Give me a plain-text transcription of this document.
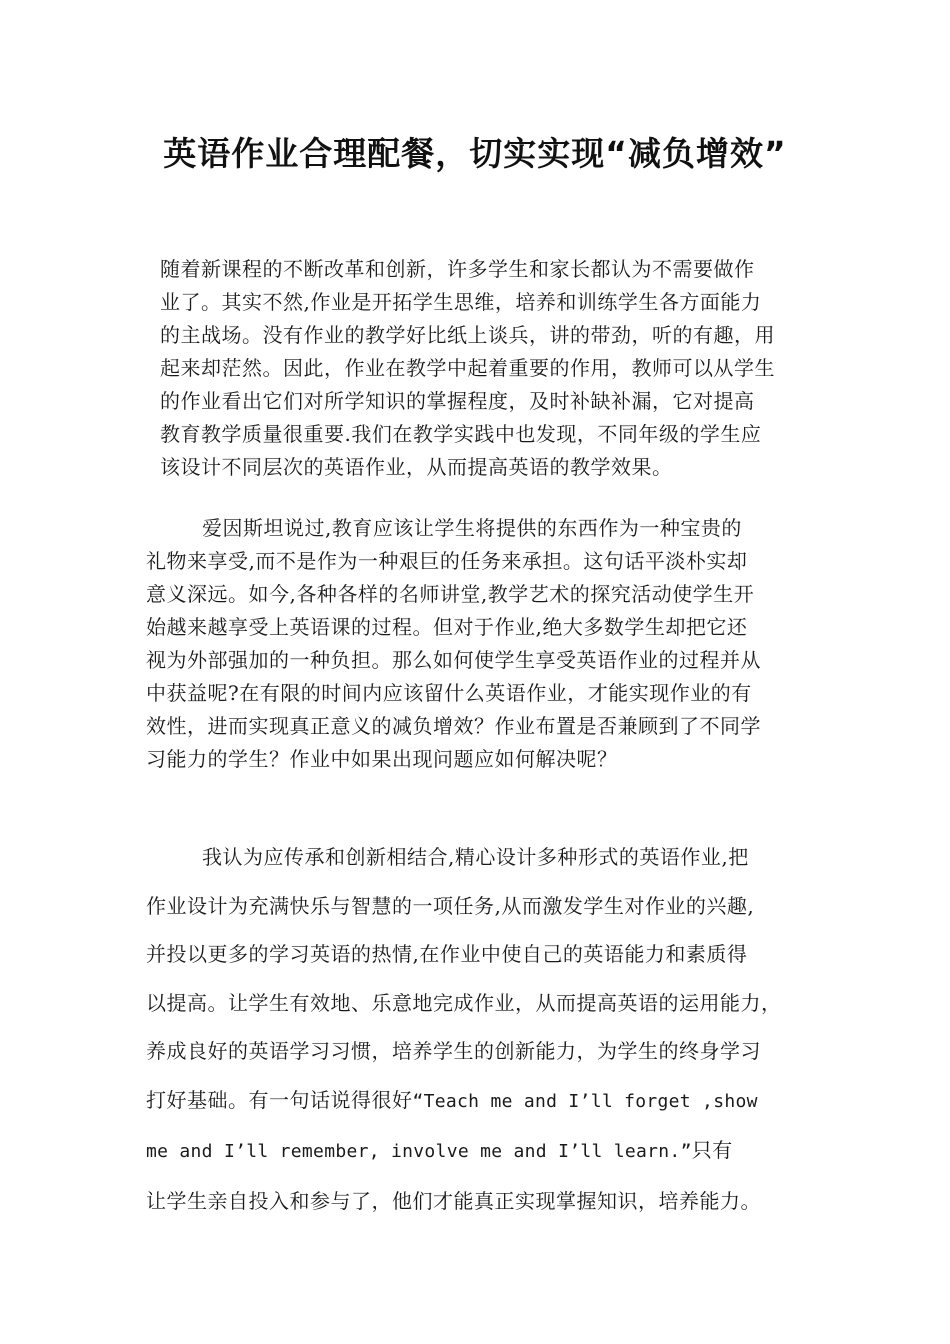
英语作业合理配餐，切实实现“减负增效”
随着新课程的不断改革和创新，许多学生和家长都认为不需要做作
业了。其实不然,作业是开拓学生思维，培养和训练学生各方面能力
的主战场。没有作业的教学好比纸上谈兵，讲的带劲，听的有趣，用
起来却茫然。因此，作业在教学中起着重要的作用，教师可以从学生
的作业看出它们对所学知识的掌握程度，及时补缺补漏，它对提高
教育教学质量很重要.我们在教学实践中也发现，不同年级的学生应
该设计不同层次的英语作业，从而提高英语的教学效果。
爱因斯坦说过,教育应该让学生将提供的东西作为一种宝贵的
礼物来享受,而不是作为一种艰巨的任务来承担。这句话平淡朴实却
意义深远。如今,各种各样的名师讲堂,教学艺术的探究活动使学生开
始越来越享受上英语课的过程。但对于作业,绝大多数学生却把它还
视为外部强加的一种负担。那么如何使学生享受英语作业的过程并从
中获益呢?在有限的时间内应该留什么英语作业，才能实现作业的有
效性，进而实现真正意义的减负增效？作业布置是否兼顾到了不同学
习能力的学生？作业中如果出现问题应如何解决呢？
我认为应传承和创新相结合,精心设计多种形式的英语作业,把
作业设计为充满快乐与智慧的一项任务,从而激发学生对作业的兴趣,
并投以更多的学习英语的热情,在作业中使自己的英语能力和素质得
以提高。让学生有效地、乐意地完成作业，从而提高英语的运用能力，
养成良好的英语学习习惯，培养学生的创新能力，为学生的终身学习
打好基础。有一句话说得很好“Teach me and I’ll forget ,show
me and I’ll remember, involve me and I’ll learn.”只有
让学生亲自投入和参与了，他们才能真正实现掌握知识，培养能力。
